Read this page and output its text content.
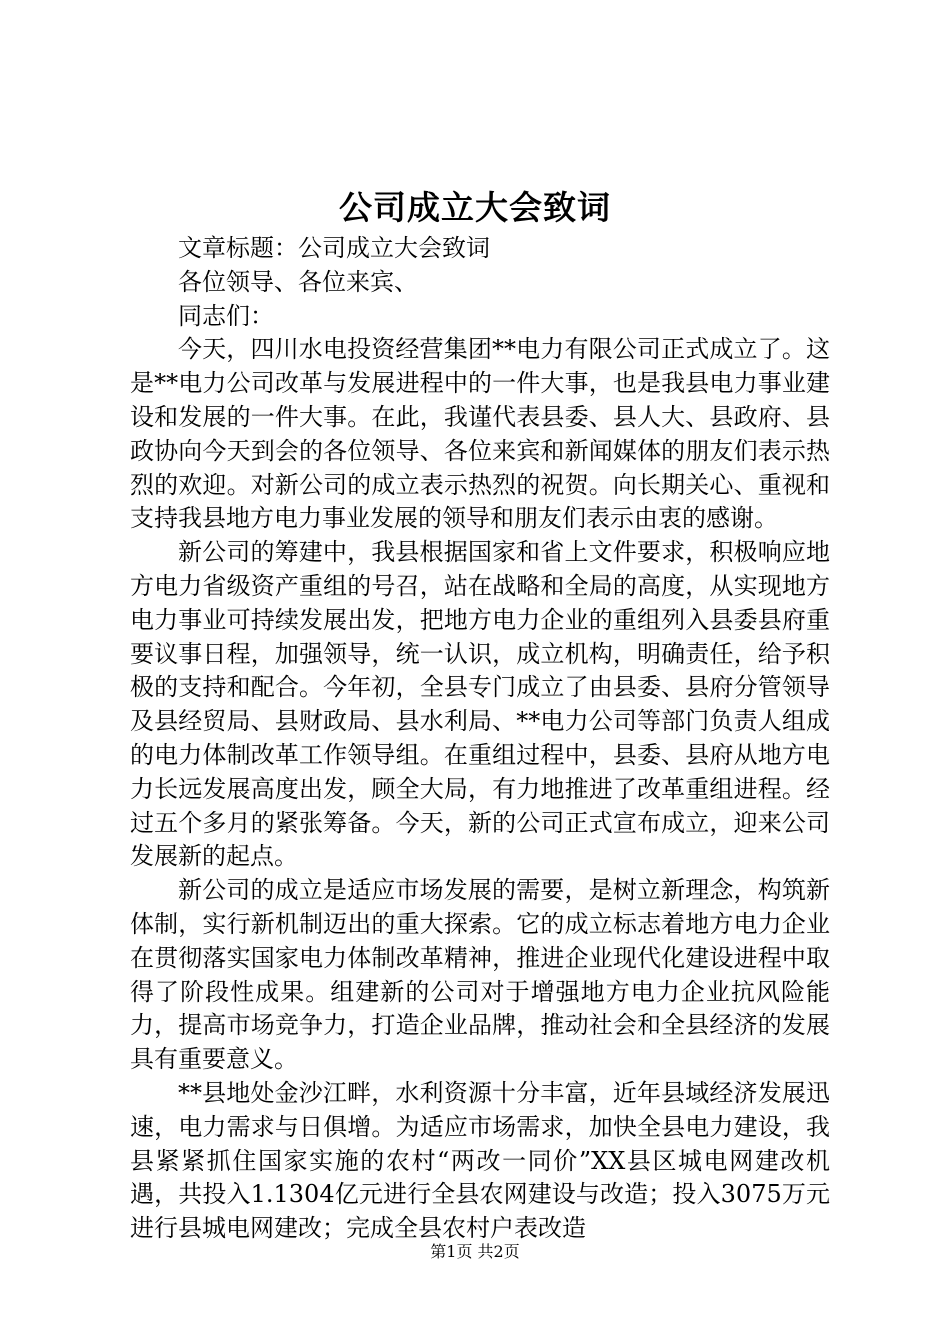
公司成立大会致词

文章标题：公司成立大会致词

各位领导、各位来宾、

同志们：

今天，四川水电投资经营集团**电力有限公司正式成立了。这是**电力公司改革与发展进程中的一件大事，也是我县电力事业建设和发展的一件大事。在此，我谨代表县委、县人大、县政府、县政协向今天到会的各位领导、各位来宾和新闻媒体的朋友们表示热烈的欢迎。对新公司的成立表示热烈的祝贺。向长期关心、重视和支持我县地方电力事业发展的领导和朋友们表示由衷的感谢。

新公司的筹建中，我县根据国家和省上文件要求，积极响应地方电力省级资产重组的号召，站在战略和全局的高度，从实现地方电力事业可持续发展出发，把地方电力企业的重组列入县委县府重要议事日程，加强领导，统一认识，成立机构，明确责任，给予积极的支持和配合。今年初，全县专门成立了由县委、县府分管领导及县经贸局、县财政局、县水利局、**电力公司等部门负责人组成的电力体制改革工作领导组。在重组过程中，县委、县府从地方电力长远发展高度出发，顾全大局，有力地推进了改革重组进程。经过五个多月的紧张筹备。今天，新的公司正式宣布成立，迎来公司发展新的起点。

新公司的成立是适应市场发展的需要，是树立新理念，构筑新体制，实行新机制迈出的重大探索。它的成立标志着地方电力企业在贯彻落实国家电力体制改革精神，推进企业现代化建设进程中取得了阶段性成果。组建新的公司对于增强地方电力企业抗风险能力，提高市场竞争力，打造企业品牌，推动社会和全县经济的发展具有重要意义。

**县地处金沙江畔，水利资源十分丰富，近年县域经济发展迅速，电力需求与日俱增。为适应市场需求，加快全县电力建设，我县紧紧抓住国家实施的农村“两改一同价”XX县区城电网建改机遇，共投入1.1304亿元进行全县农网建设与改造；投入3075万元进行县城电网建改；完成全县农村户表改造

第1页 共2页
